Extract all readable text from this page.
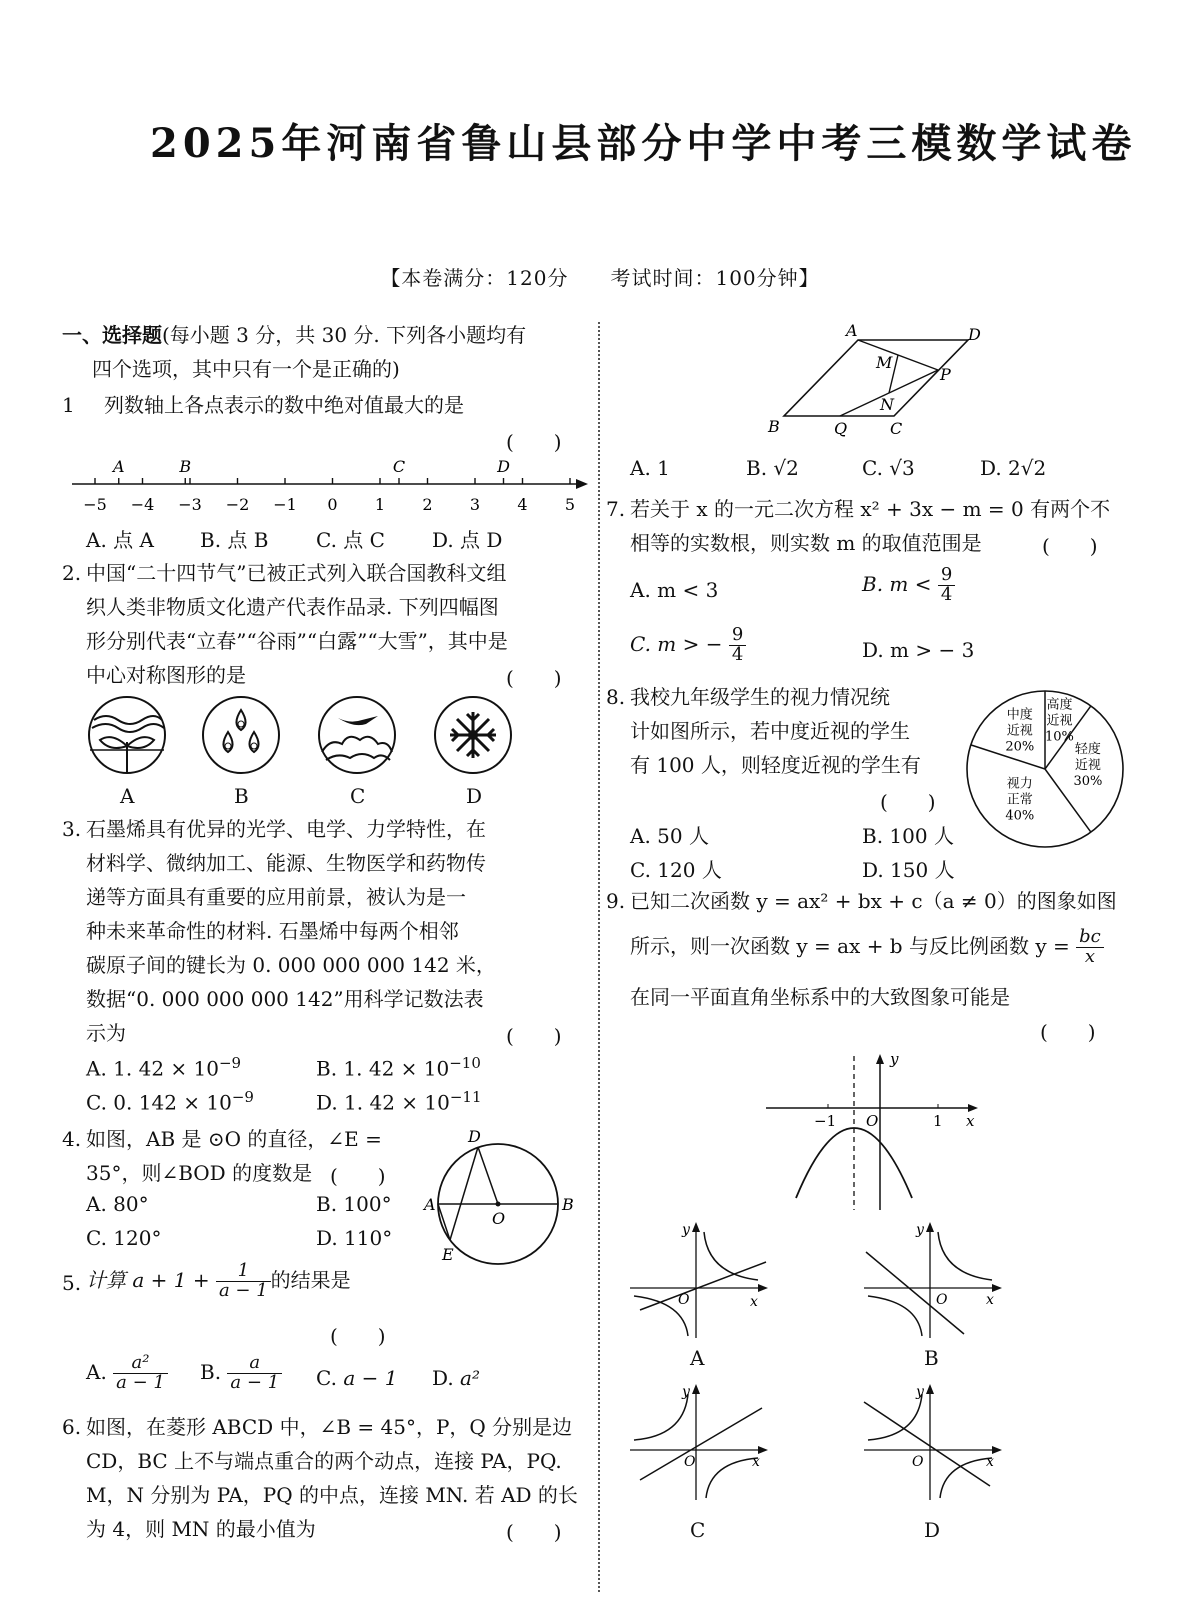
2025年河南省鲁山县部分中学中考三模数学试卷
【本卷满分：120分　　考试时间：100分钟】
一、选择题(每小题 3 分，共 30 分. 下列各小题均有
四个选项，其中只有一个是正确的)
1 列数轴上各点表示的数中绝对值最大的是
(　　)
−5 −4 −3 −2 −1 0 1 2 3 4 5
A	B	C	D
A. 点 A B. 点 B C. 点 C D. 点 D
2. 中国“二十四节气”已被正式列入联合国教科文组
织人类非物质文化遗产代表作品录. 下列四幅图
形分别代表“立春”“谷雨”“白露”“大雪”，其中是
中心对称图形的是	(　　)
A	B	C	D
3. 石墨烯具有优异的光学、电学、力学特性，在
材料学、微纳加工、能源、生物医学和药物传
递等方面具有重要的应用前景，被认为是一
种未来革命性的材料. 石墨烯中每两个相邻
碳原子间的键长为 0. 000 000 000 142 米，
数据“0. 000 000 000 142”用科学记数法表
示为	(　　)
A. 1. $42 \times 10^{-9}$	B. 1. $42 \times 10^{-10}$
C. 0. $142 \times 10^{-9}$	D. 1. $42 \times 10^{-11}$
4. 如图，AB 是 ⊙O 的直径，∠E =
35°，则∠BOD 的度数是 (　　)
A. 80°	B. 100°
C. 120°	D. 110°
D
A
O
B
E
5. 计算 $a + 1 + \frac{1}{a - 1}$ 的结果是
(　　)
A. $\frac{\text{a²}}{a - 1} B$. $\frac{a}{a - 1} C$. a − 1 D. a²
6. 如图，在菱形 ABCD 中，∠B = 45°，P，Q 分别是边
CD，BC 上不与端点重合的两个动点，连接 PA，PQ.
M，N 分别为 PA，PQ 的中点，连接 MN. 若 AD 的长
为 4，则 MN 的最小值为	(　　)
A	D
M
P
N
B	Q	C
A. 1	B. √2	C. √3	D. 2√2
7. 若关于 x 的一元二次方程 x² + 3x − m = 0 有两个不
相等的实数根，则实数 m 的取值范围是	(　　)
A. m < 3	B. $m < \frac{9}{4}$
C. m > − $\frac{9}{4}$	D. m > − 3
8. 我校九年级学生的视力情况统
计如图所示，若中度近视的学生
有 100 人，则轻度近视的学生有
(　　)
A. 50 人	B. 100 人
C. 120 人	D. 150 人
高度
近视
10%
轻度
近视
30%
视力
正常
40%
中度
近视
20%
9. 已知二次函数 y = ax² + bx + c（a ≠ 0）的图象如图
所示，则一次函数 y = ax + b 与反比例函数 $y = \frac{bc}{x}$
在同一平面直角坐标系中的大致图象可能是
(　　)
y
x
O
−1	1
y
O	x
A
y
O	x
B
y
O	x
C
y
O	x
D
